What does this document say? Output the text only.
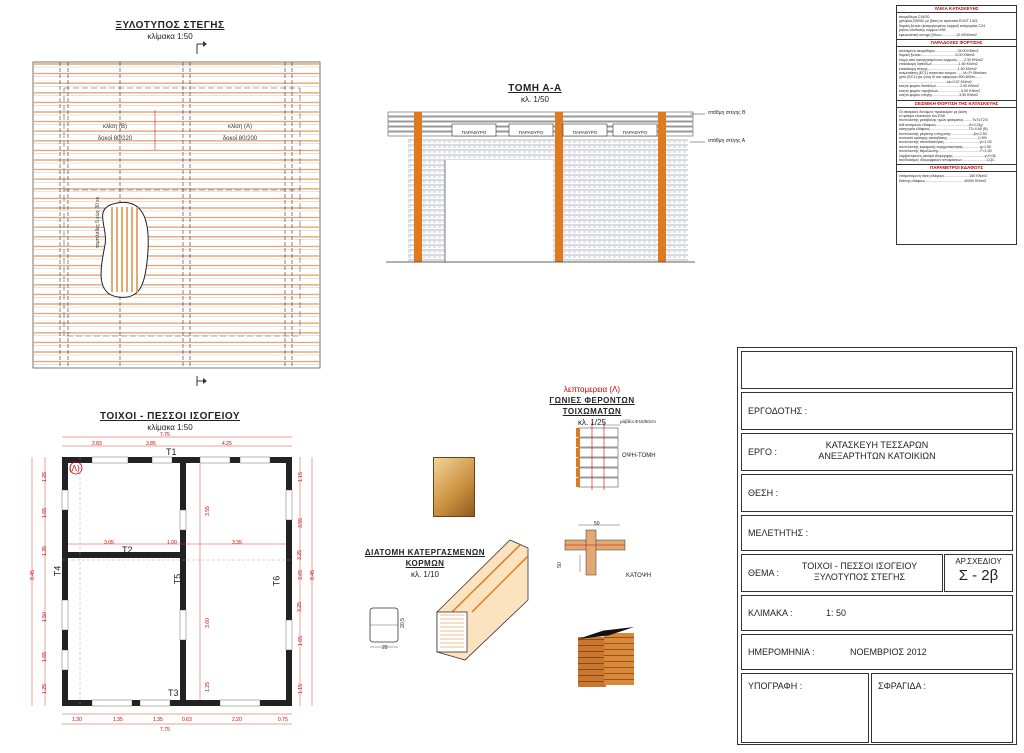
ΞΥΛΟΤΥΠΟΣ ΣΤΕΓΗΣ
κλίμακα 1:50
κλίση (Β)
δοκοί 80/220
κλίση (Α)
δοκοί 80/200
ταμπλάδες 5 εώς 30 εκ.
ΤΟΜΗ Α-Α
κλ. 1/50
στάθμη στέγης Β
στάθμη στέγης Α
ΠΑΡΑΘΥΡΟ	ΠΑΡΑΘΥΡΟ	ΠΑΡΑΘΥΡΟ	ΠΑΡΑΘΥΡΟ
ΤΟΙΧΟΙ - ΠΕΣΣΟΙ ΙΣΟΓΕΙΟΥ
κλίμακα 1:50
(Λ)
T1
T2
T3
T4
T5	T6
7.75
2.83	3.85	4.25
3.05	1.00	3.35
7.75
1.30	1.35	1.35	0.63	2.20	0.75
8.45	8.45
1.25
1.65
1.35
1.50
1.65
1.25
1.15
3.55
3.65
1.65
1.15
3.55
3.60
3.25
3.25
1.25
ΔΙΑΤΟΜΗ ΚΑΤΕΡΓΑΣΜΕΝΩΝ ΚΟΡΜΩΝ
κλ. 1/10
20
20,5
λεπτομερεια (Λ)
ΓΩΝΙΕΣ ΦΕΡΟΝΤΩΝ ΤΟΙΧΩΜΑΤΩΝ
κλ. 1/25	ράβδοι Φ16/50cm
ΟΨΗ-ΤΟΜΗ
ΚΑΤΟΨΗ
50
50
ΥΛΙΚΑ ΚΑΤΑΣΚΕΥΗΣ
σκυρόδεμα C16/20
χάλυβας B500C με βάση το πρότυπο ΕΛΟΤ 1421
δομική ξυλεία (κατεργασμένοι κορμοί) κατηγορίας C24
μήκος σύνδεσης κορμών #36
εφελκυστική αντοχή ξύλων...............12.00Ν/mm2
ΠΑΡΑΔΟΧΕΣ ΦΟΡΤΙΣΗΣ
οπλισμένο σκυρόδεμα.......................25.00 KN/m3
δομική ξυλεία...................................5.00 KN/m3
τοίχοι από κατεργασμένους κορμούς.......2.30 KN/m2
επικάλυψη δαπέδων...........................1.60 KN/m2
επικάλυψη στέγης..............................1.50 KN/m2
ανεμοπίεση (EC1) τεκτονικά ανέμου.......Vr=F+36m/sec
χιόνι (EC1) για ζώνη III και υψόμετρο 500-600m.......
................................................sk=0.57 KN/m2
κινητό φορτίο δαπέδων........................2.00 KN/m2
κινητό φορτίο προβόλων.......................5.00 KN/m2
κινητό φορτίο στέγης...........................3.50 KN/m2
ΣΕΙΣΜΙΚΗ ΦΟΡΤΙΣΗ ΤΗΣ ΚΑΤΑΣΚΕΥΗΣ
Οι σεισμικές δυνάμεις προέκυψαν με βάση
το φάσμα ελαστικού του ΕΑΚ
συντελεστής μεταβολής τιμών φάσματος.........T≤T≤T2/3
πιθ.σεισμικών εδάφους.................................A=0.24g
κατηγορία εδάφους.......................................T2=0.60 (B)
συντελεστής μέγιστης ενίσχυσης.......................βo=2.50
ποσοστό κρίσιμης απόσβεσης...............................ζ=5%
συντελεστής σπουδαιότητας....................................γI=1.00
συντελεστής κεραμικής ευρηματικότητας.................q=1.50
συντελεστής θεμελίωσης..........................................F=1.00
λαμβανόμενες μετάρα ιδιομορφής................................γ=0.08
συνδυασμός ιδιομορφικών αποκρίσεων.........................CQC
ΠΑΡΑΜΕΤΡΟΙ ΕΔΑΦΟΥΣ
επιτρεπόμενη τάση εδάφους.........................150 KN/m2
δείκτης εδάφους.......................................40000 KN/m3
ΕΡΓΟΔΟΤΗΣ :
ΕΡΓΟ :
ΚΑΤΑΣΚΕΥΗ ΤΕΣΣΑΡΩΝ
ΑΝΕΞΑΡΤΗΤΩΝ ΚΑΤΟΙΚΙΩΝ
ΘΕΣΗ :
ΜΕΛΕΤΗΤΗΣ :
ΘΕΜΑ :
ΤΟΙΧΟΙ - ΠΕΣΣΟΙ ΙΣΟΓΕΙΟΥ
ΞΥΛΟΤΥΠΟΣ ΣΤΕΓΗΣ
ΑΡ.ΣΧΕΔΙΟΥ
Σ - 2β
ΚΛΙΜΑΚΑ :	1: 50
ΗΜΕΡΟΜΗΝΙΑ :	ΝΟΕΜΒΡΙΟΣ 2012
ΥΠΟΓΡΑΦΗ :	ΣΦΡΑΓΙΔΑ :
